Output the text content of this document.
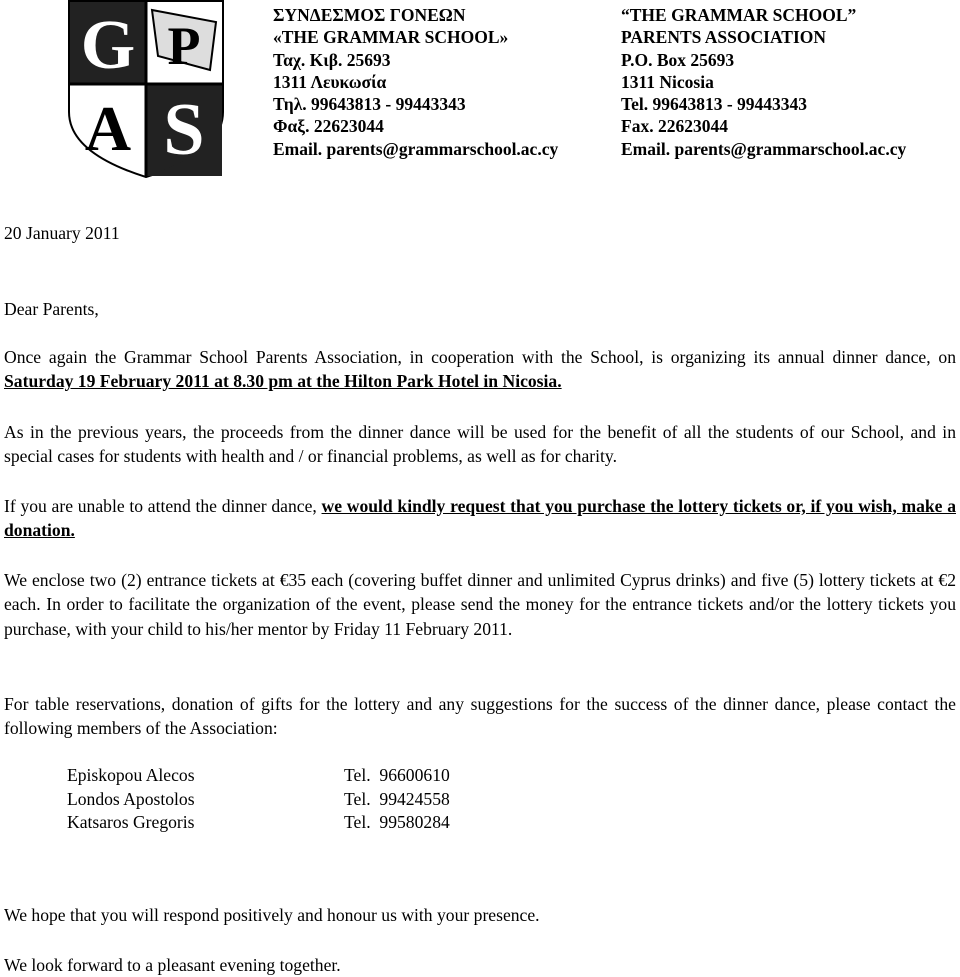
G P
A S
ΣΥΝΔΕΣΜΟΣ ΓΟΝΕΩΝ
«THE GRAMMAR SCHOOL»
Ταχ. Κιβ. 25693
1311 Λευκωσία
Τηλ. 99643813 - 99443343
Φαξ. 22623044
Email. parents@grammarschool.ac.cy
“THE GRAMMAR SCHOOL”
PARENTS ASSOCIATION
P.O. Box 25693
1311 Nicosia
Tel. 99643813 - 99443343
Fax. 22623044
Email. parents@grammarschool.ac.cy

20 January 2011

Dear Parents,

Once again the Grammar School Parents Association, in cooperation with the School, is organizing its annual dinner dance, on Saturday 19 February 2011 at 8.30 pm at the Hilton Park Hotel in Nicosia.

As in the previous years, the proceeds from the dinner dance will be used for the benefit of all the students of our School, and in special cases for students with health and / or financial problems, as well as for charity.

If you are unable to attend the dinner dance, we would kindly request that you purchase the lottery tickets or, if you wish, make a donation.

We enclose two (2) entrance tickets at €35 each (covering buffet dinner and unlimited Cyprus drinks) and five (5) lottery tickets at €2 each. In order to facilitate the organization of the event, please send the money for the entrance tickets and/or the lottery tickets you purchase, with your child to his/her mentor by Friday 11 February 2011.

For table reservations, donation of gifts for the lottery and any suggestions for the success of the dinner dance, please contact the following members of the Association:

Episkopou Alecos	Tel.  96600610
Londos Apostolos	Tel.  99424558
Katsaros Gregoris	Tel.  99580284

We hope that you will respond positively and honour us with your presence.

We look forward to a pleasant evening together.
